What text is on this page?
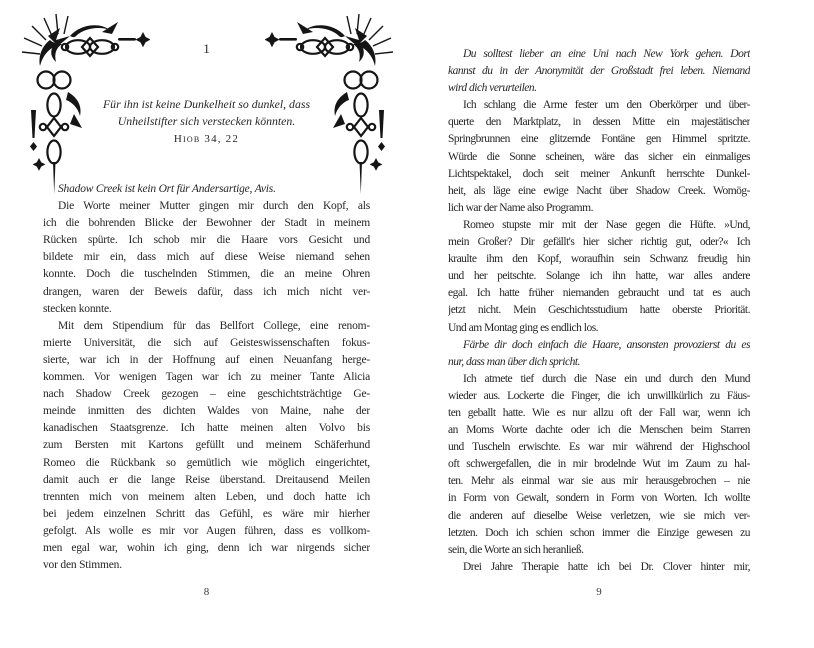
1
Für ihn ist keine Dunkelheit so dunkel, dass
Unheilstifter sich verstecken könnten.
Hiob 34, 22
Shadow Creek ist kein Ort für Andersartige, Avis.
Die Worte meiner Mutter gingen mir durch den Kopf, als
ich die bohrenden Blicke der Bewohner der Stadt in meinem
Rücken spürte. Ich schob mir die Haare vors Gesicht und
bildete mir ein, dass mich auf diese Weise niemand sehen
konnte. Doch die tuschelnden Stimmen, die an meine Ohren
drangen, waren der Beweis dafür, dass ich mich nicht ver-
stecken konnte.
Mit dem Stipendium für das Bellfort College, eine renom-
mierte Universität, die sich auf Geisteswissenschaften fokus-
sierte, war ich in der Hoffnung auf einen Neuanfang herge-
kommen. Vor wenigen Tagen war ich zu meiner Tante Alicia
nach Shadow Creek gezogen – eine geschichtsträchtige Ge-
meinde inmitten des dichten Waldes von Maine, nahe der
kanadischen Staatsgrenze. Ich hatte meinen alten Volvo bis
zum Bersten mit Kartons gefüllt und meinem Schäferhund
Romeo die Rückbank so gemütlich wie möglich eingerichtet,
damit auch er die lange Reise überstand. Dreitausend Meilen
trennten mich von meinem alten Leben, und doch hatte ich
bei jedem einzelnen Schritt das Gefühl, es wäre mir hierher
gefolgt. Als wolle es mir vor Augen führen, dass es vollkom-
men egal war, wohin ich ging, denn ich war nirgends sicher
vor den Stimmen.
8
Du solltest lieber an eine Uni nach New York gehen. Dort
kannst du in der Anonymität der Großstadt frei leben. Niemand
wird dich verurteilen.
Ich schlang die Arme fester um den Oberkörper und über-
querte den Marktplatz, in dessen Mitte ein majestätischer
Springbrunnen eine glitzernde Fontäne gen Himmel spritzte.
Würde die Sonne scheinen, wäre das sicher ein einmaliges
Lichtspektakel, doch seit meiner Ankunft herrschte Dunkel-
heit, als läge eine ewige Nacht über Shadow Creek. Womög-
lich war der Name also Programm.
Romeo stupste mir mit der Nase gegen die Hüfte. »Und,
mein Großer? Dir gefällt's hier sicher richtig gut, oder?« Ich
kraulte ihm den Kopf, woraufhin sein Schwanz freudig hin
und her peitschte. Solange ich ihn hatte, war alles andere
egal. Ich hatte früher niemanden gebraucht und tat es auch
jetzt nicht. Mein Geschichtsstudium hatte oberste Priorität.
Und am Montag ging es endlich los.
Färbe dir doch einfach die Haare, ansonsten provozierst du es
nur, dass man über dich spricht.
Ich atmete tief durch die Nase ein und durch den Mund
wieder aus. Lockerte die Finger, die ich unwillkürlich zu Fäus-
ten geballt hatte. Wie es nur allzu oft der Fall war, wenn ich
an Moms Worte dachte oder ich die Menschen beim Starren
und Tuscheln erwischte. Es war mir während der Highschool
oft schwergefallen, die in mir brodelnde Wut im Zaum zu hal-
ten. Mehr als einmal war sie aus mir herausgebrochen – nie
in Form von Gewalt, sondern in Form von Worten. Ich wollte
die anderen auf dieselbe Weise verletzen, wie sie mich ver-
letzten. Doch ich schien schon immer die Einzige gewesen zu
sein, die Worte an sich heranließ.
Drei Jahre Therapie hatte ich bei Dr. Clover hinter mir,
9
